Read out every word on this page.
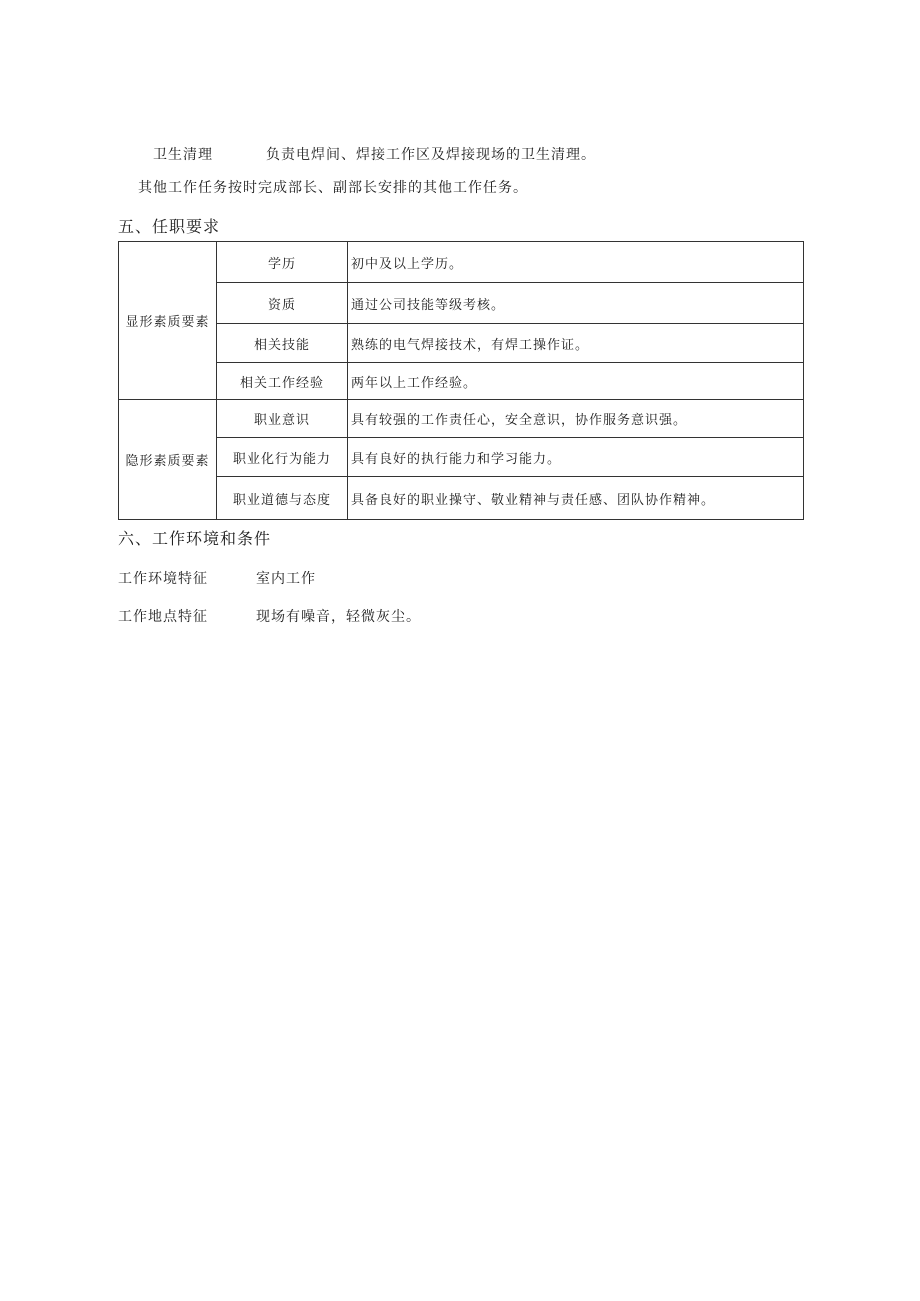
卫生清理	负责电焊间、焊接工作区及焊接现场的卫生清理。
其他工作任务按时完成部长、副部长安排的其他工作任务。
五、任职要求
显形素质要素	学历	初中及以上学历。
	资质	通过公司技能等级考核。
	相关技能	熟练的电气焊接技术，有焊工操作证。
	相关工作经验	两年以上工作经验。
隐形素质要素	职业意识	具有较强的工作责任心，安全意识，协作服务意识强。
	职业化行为能力	具有良好的执行能力和学习能力。
	职业道德与态度	具备良好的职业操守、敬业精神与责任感、团队协作精神。
六、工作环境和条件
工作环境特征	室内工作
工作地点特征	现场有噪音，轻微灰尘。
